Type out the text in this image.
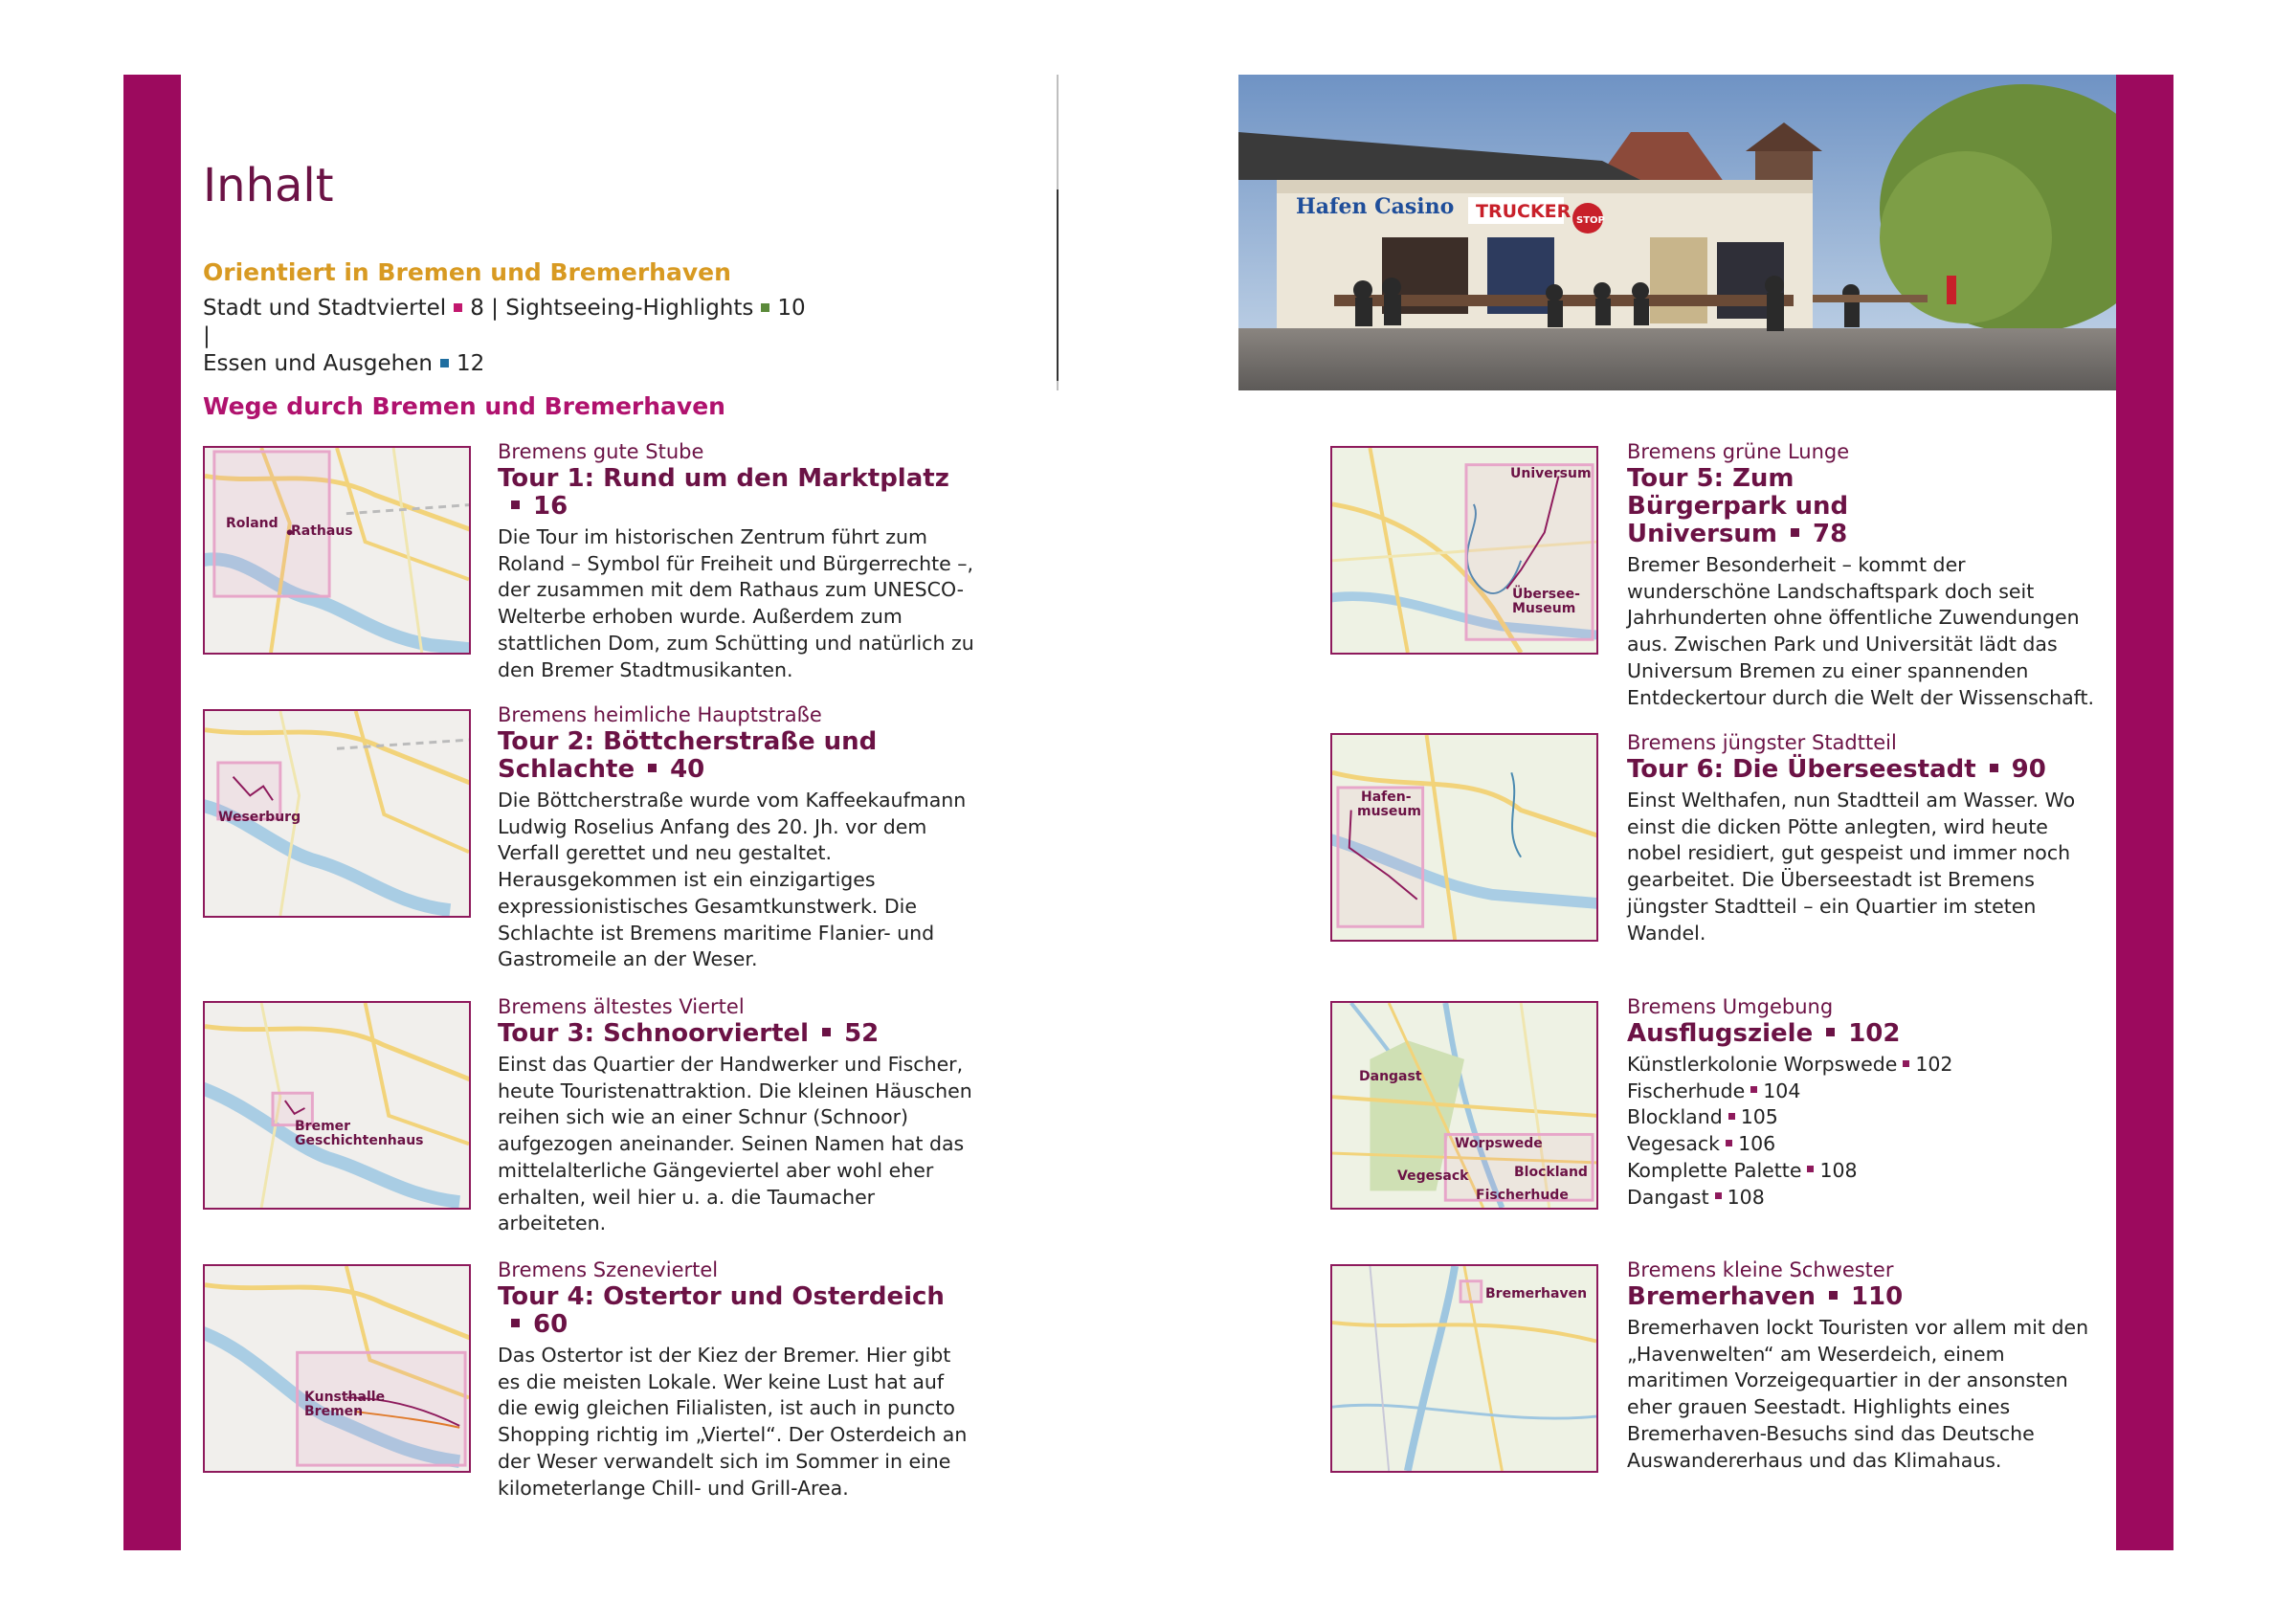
Inhalt
Orientiert in Bremen und Bremerhaven
Stadt und Stadtviertel 8 | Sightseeing-Highlights 10 |
Essen und Ausgehen 12
Wege durch Bremen und Bremerhaven
Hafen Casino TRUCKER STOP
Roland Rathaus
Bremens gute Stube
Tour 1: Rund um den Marktplatz16
Die Tour im historischen Zentrum führt zum Roland – Symbol für Freiheit und Bürgerrechte –, der zusammen mit dem Rathaus zum UNESCO-Welterbe erhoben wurde. Außerdem zum stattlichen Dom, zum Schütting und natürlich zu den Bremer Stadtmusikanten.
Weserburg
Bremens heimliche Hauptstraße
Tour 2: Böttcherstraße und Schlachte 40
Die Böttcherstraße wurde vom Kaffeekaufmann Ludwig Roselius Anfang des 20. Jh. vor dem Verfall gerettet und neu gestaltet. Herausgekommen ist ein einzigartiges expressionistisches Gesamtkunstwerk. Die Schlachte ist Bremens maritime Flanier- und Gastromeile an der Weser.
Bremer
Geschichtenhaus
Bremens ältestes Viertel
Tour 3: Schnoorviertel 52
Einst das Quartier der Handwerker und Fischer, heute Touristenattraktion. Die kleinen Häuschen reihen sich wie an einer Schnur (Schnoor) aufgezogen aneinander. Seinen Namen hat das mittelalterliche Gängeviertel aber wohl eher erhalten, weil hier u. a. die Taumacher arbeiteten.
Kunsthalle
Bremen
Bremens Szeneviertel
Tour 4: Ostertor und Osterdeich60
Das Ostertor ist der Kiez der Bremer. Hier gibt es die meisten Lokale. Wer keine Lust hat auf die ewig gleichen Filialisten, ist auch in puncto Shopping richtig im „Viertel“. Der Osterdeich an der Weser verwandelt sich im Sommer in eine kilometerlange Chill- und Grill-Area.
Universum
Übersee-
Museum
Bremens grüne Lunge
Tour 5: Zum Bürgerpark und Universum 78
Bremer Besonderheit – kommt der wunderschöne Landschaftspark doch seit Jahrhunderten ohne öffentliche Zuwendungen aus. Zwischen Park und Universität lädt das Universum Bremen zu einer spannenden Entdeckertour durch die Welt der Wissenschaft.
Hafen-
museum
Bremens jüngster Stadtteil
Tour 6: Die Überseestadt 90
Einst Welthafen, nun Stadtteil am Wasser. Wo einst die dicken Pötte anlegten, wird heute nobel residiert, gut gespeist und immer noch gearbeitet. Die Überseestadt ist Bremens jüngster Stadtteil – ein Quartier im steten Wandel.
Dangast
Worpswede
Vegesack	Blockland
Fischerhude
Bremens Umgebung
Ausflugsziele 102
Künstlerkolonie Worpswede 102
Fischerhude 104
Blockland 105
Vegesack 106
Komplette Palette 108
Dangast 108
Bremerhaven
Bremens kleine Schwester
Bremerhaven 110
Bremerhaven lockt Touristen vor allem mit den „Havenwelten“ am Weserdeich, einem maritimen Vorzeigequartier in der ansonsten eher grauen Seestadt. Highlights eines Bremerhaven-Besuchs sind das Deutsche Auswandererhaus und das Klimahaus.
